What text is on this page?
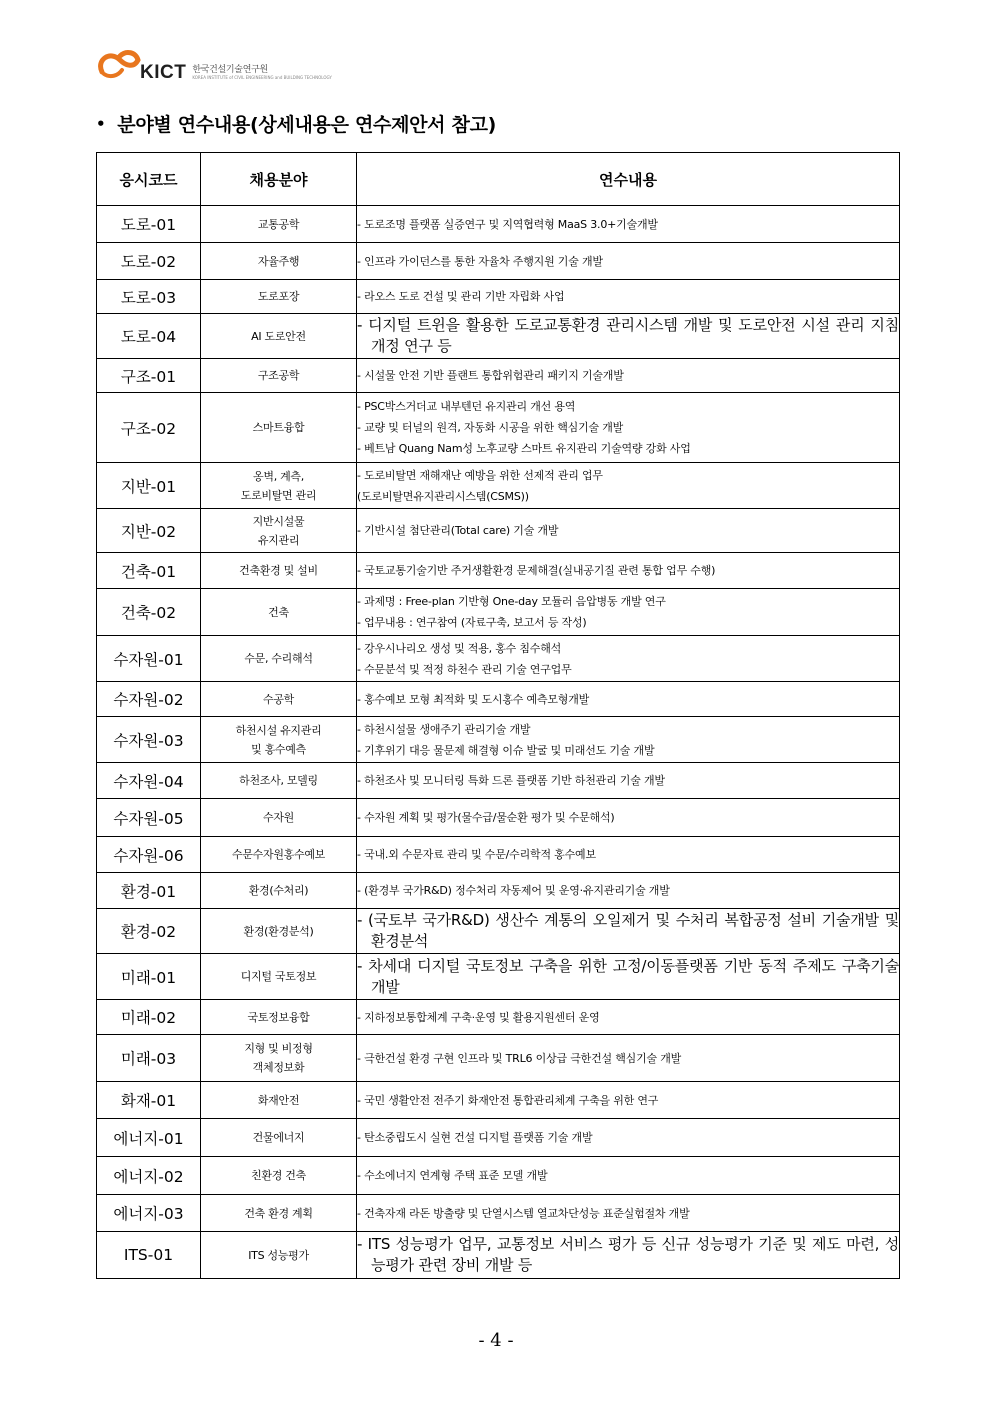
KICT 한국건설기술연구원
KOREA INSTITUTE of CIVIL ENGINEERING and BUILDING TECHNOLOGY
• 분야별 연수내용(상세내용은 연수제안서 참고)
응시코드	채용분야	연수내용
도로-01	교통공학	- 도로조명 플랫폼 실증연구 및 지역협력형 MaaS 3.0+기술개발

도로-02	자율주행	- 인프라 가이던스를 통한 자율차 주행지원 기술 개발

도로-03	도로포장	- 라오스 도로 건설 및 관리 기반 자립화 사업

도로-04	AI 도로안전	- 디지털 트윈을 활용한 도로교통환경 관리시스템 개발 및 도로안전 시설 관리 지침 개정 연구 등

구조-01	구조공학	- 시설물 안전 기반 플랜트 통합위험관리 패키지 기술개발

구조-02	스마트융합	- PSC박스거더교 내부텐던 유지관리 개선 용역
- 교량 및 터널의 원격, 자동화 시공을 위한 핵심기술 개발
- 베트남 Quang Nam성 노후교량 스마트 유지관리 기술역량 강화 사업

지반-01	옹벽, 계측,
도로비탈면 관리	- 도로비탈면 재해재난 예방을 위한 선제적 관리 업무
(도로비탈면유지관리시스템(CSMS))

지반-02	지반시설물
유지관리	- 기반시설 첨단관리(Total care) 기술 개발

건축-01	건축환경 및 설비	- 국토교통기술기반 주거생활환경 문제해결(실내공기질 관련 통합 업무 수행)

건축-02	건축	- 과제명 : Free-plan 기반형 One-day 모듈러 음압병동 개발 연구
- 업무내용 : 연구참여 (자료구축, 보고서 등 작성)

수자원-01	수문, 수리해석	- 강우시나리오 생성 및 적용, 홍수 침수해석
- 수문분석 및 적정 하천수 관리 기술 연구업무

수자원-02	수공학	- 홍수예보 모형 최적화 및 도시홍수 예측모형개발

수자원-03	하천시설 유지관리
및 홍수예측	- 하천시설물 생애주기 관리기술 개발
- 기후위기 대응 물문제 해결형 이슈 발굴 및 미래선도 기술 개발

수자원-04	하천조사, 모델링	- 하천조사 및 모니터링 특화 드론 플랫폼 기반 하천관리 기술 개발

수자원-05	수자원	- 수자원 계획 및 평가(물수급/물순환 평가 및 수문해석)

수자원-06	수문수자원홍수예보	- 국내.외 수문자료 관리 및 수문/수리학적 홍수예보

환경-01	환경(수처리)	- (환경부 국가R&D) 정수처리 자동제어 및 운영·유지관리기술 개발

환경-02	환경(환경분석)	- (국토부 국가R&D) 생산수 계통의 오일제거 및 수처리 복합공정 설비 기술개발 및 환경분석

미래-01	디지털 국토정보	- 차세대 디지털 국토정보 구축을 위한 고정/이동플랫폼 기반 동적 주제도 구축기술 개발

미래-02	국토정보융합	- 지하정보통합체계 구축·운영 및 활용지원센터 운영

미래-03	지형 및 비정형
객체정보화	- 극한건설 환경 구현 인프라 및 TRL6 이상급 극한건설 핵심기술 개발

화재-01	화재안전	- 국민 생활안전 전주기 화재안전 통합관리체계 구축을 위한 연구

에너지-01	건물에너지	- 탄소중립도시 실현 건설 디지털 플랫폼 기술 개발

에너지-02	친환경 건축	- 수소에너지 연계형 주택 표준 모델 개발

에너지-03	건축 환경 계획	- 건축자재 라돈 방출량 및 단열시스템 열교차단성능 표준실험절차 개발

ITS-01	ITS 성능평가	- ITS 성능평가 업무, 교통정보 서비스 평가 등 신규 성능평가 기준 및 제도 마련, 성능평가 관련 장비 개발 등
- 4 -
